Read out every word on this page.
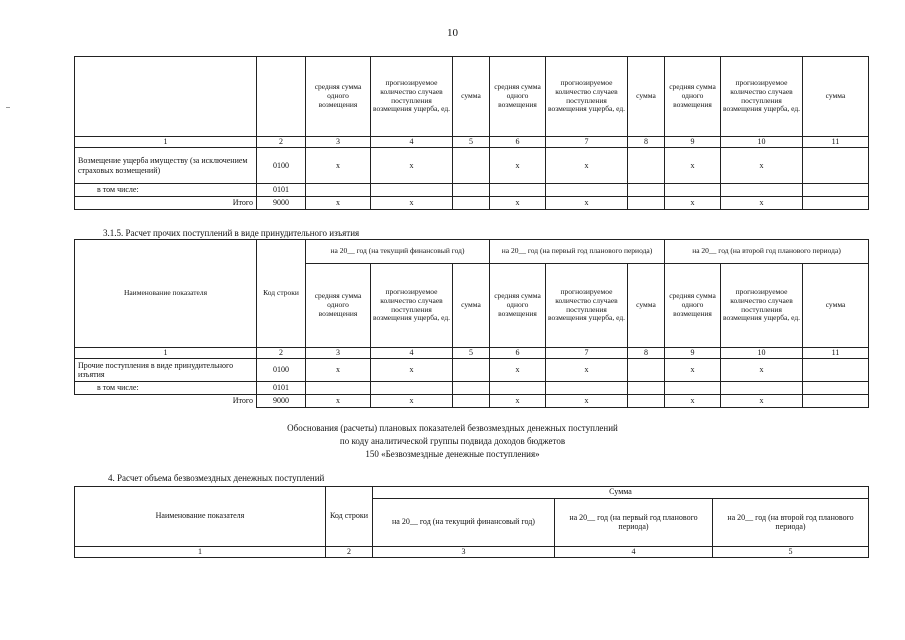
10
		средняя сумма одного возмещения	прогнозируемое количество случаев поступления возмещения ущерба, ед.	сумма	средняя сумма одного возмещения	прогнозируемое количество случаев поступления возмещения ущерба, ед.	сумма	средняя сумма одного возмещения	прогнозируемое количество случаев поступления возмещения ущерба, ед.	сумма
1	2	3	4	5	6	7	8	9	10	11
Возмещение ущерба имуществу (за исключением страховых возмещений)	0100	x	x		x	x		x	x	
в том числе:	0101									
Итого	9000	x	x		x	x		x	x	
3.1.5. Расчет прочих поступлений в виде принудительного изъятия
Наименование показателя	Код строки	на 20__ год (на текущий финансовый год)			на 20__ год (на первый год планового периода)			на 20__ год (на второй год планового периода)		
		средняя сумма одного возмещения	прогнозируемое количество случаев поступления возмещения ущерба, ед.	сумма	средняя сумма одного возмещения	прогнозируемое количество случаев поступления возмещения ущерба, ед.	сумма	средняя сумма одного возмещения	прогнозируемое количество случаев поступления возмещения ущерба, ед.	сумма
1	2	3	4	5	6	7	8	9	10	11
Прочие поступления в виде принудительного изъятия	0100	x	x		x	x		x	x	
в том числе:	0101									
Итого	9000	x	x		x	x		x	x	
Обоснования (расчеты) плановых показателей безвозмездных денежных поступлений
по коду аналитической группы подвида доходов бюджетов
150 «Безвозмездные денежные поступления»
4. Расчет объема безвозмездных денежных поступлений
Наименование показателя	Код строки	Сумма		
		на 20__ год (на текущий финансовый год)	на 20__ год (на первый год планового периода)	на 20__ год (на второй год планового периода)
1	2	3	4	5
